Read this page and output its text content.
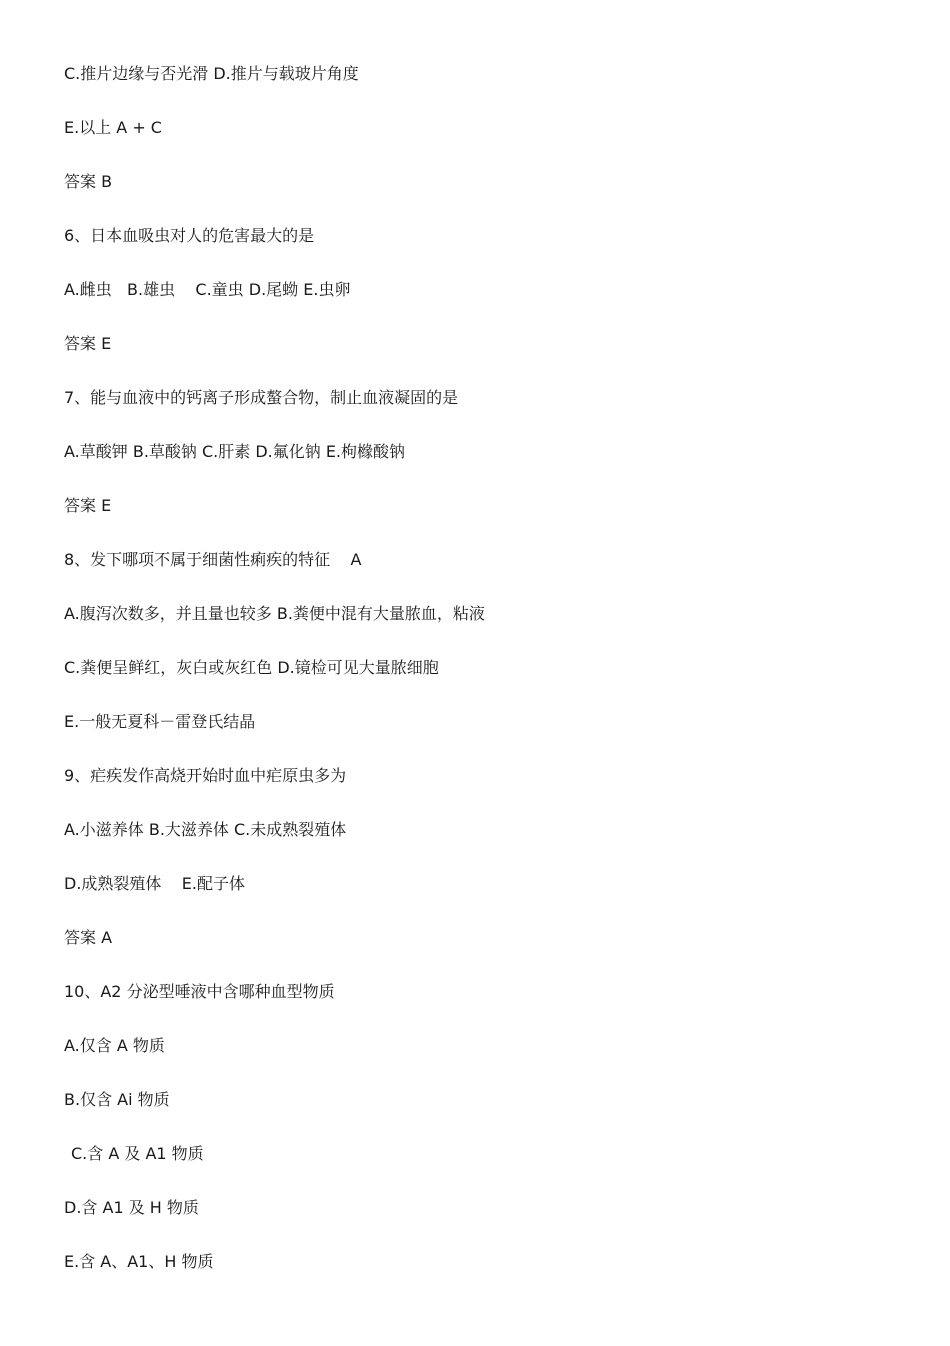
C.推片边缘与否光滑 D.推片与载玻片角度
E.以上 A + C
答案 B
6、日本血吸虫对人的危害最大的是
A.雌虫   B.雄虫    C.童虫 D.尾蚴 E.虫卵
答案 E
7、能与血液中的钙离子形成螯合物，制止血液凝固的是
A.草酸钾 B.草酸钠 C.肝素 D.氟化钠 E.枸橼酸钠
答案 E
8、发下哪项不属于细菌性痢疾的特征    A
A.腹泻次数多，并且量也较多 B.粪便中混有大量脓血，粘液
C.粪便呈鲜红，灰白或灰红色 D.镜检可见大量脓细胞
E.一般无夏科－雷登氏结晶
9、疟疾发作高烧开始时血中疟原虫多为
A.小滋养体 B.大滋养体 C.未成熟裂殖体
D.成熟裂殖体    E.配子体
答案 A
10、A2 分泌型唾液中含哪种血型物质
A.仅含 A 物质
B.仅含 Ai 物质
C.含 A 及 A1 物质
D.含 A1 及 H 物质
E.含 A、A1、H 物质
